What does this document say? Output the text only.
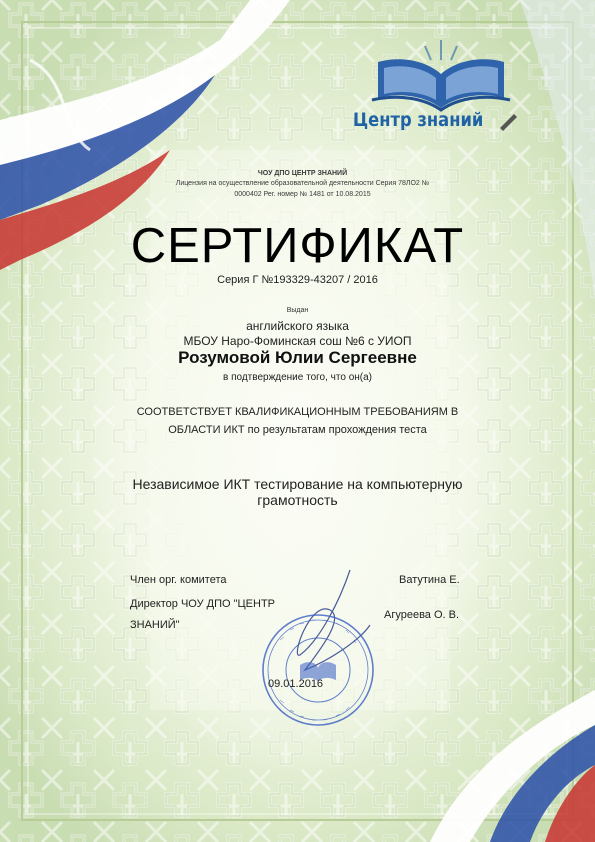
Центр знаний
ЧОУ ДПО ЦЕНТР ЗНАНИЙ
Лицензия на осуществление образовательной деятельности Серия 78ЛО2 №
0000402 Рег. номер № 1481 от 10.08.2015
СЕРТИФИКАТ
Серия Г №193329-43207 / 2016
Выдан
английского языка
МБОУ Наро-Фоминская сош №6 с УИОП
Розумовой Юлии Сергеевне
в подтверждение того, что он(а)
СООТВЕТСТВУЕТ КВАЛИФИКАЦИОННЫМ ТРЕБОВАНИЯМ В
ОБЛАСТИ ИКТ по результатам прохождения теста
Независимое ИКТ тестирование на компьютерную
грамотность
Член орг. комитета	Ватутина Е.
Директор ЧОУ ДПО "ЦЕНТР
ЗНАНИЙ"
Агуреева О. В.
09.01.2016
